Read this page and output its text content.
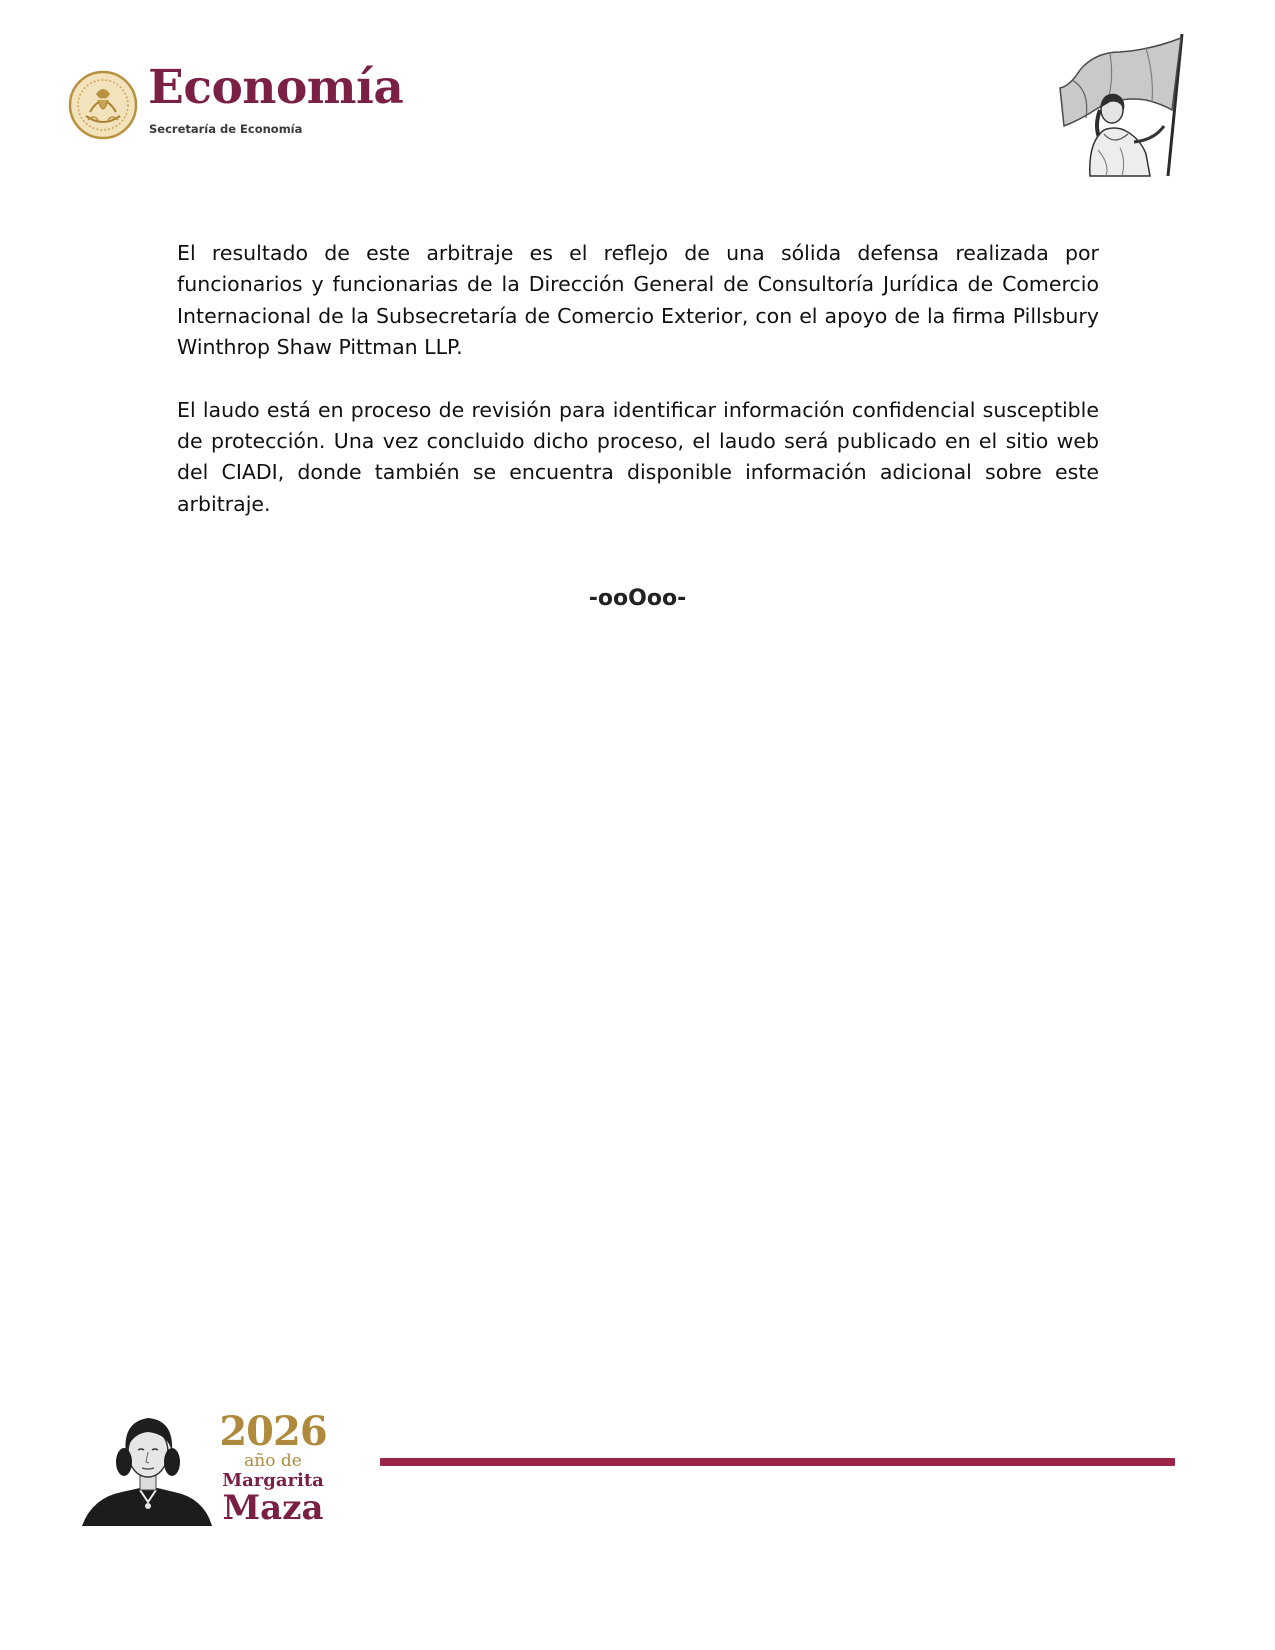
Economía
Secretaría de Economía

El resultado de este arbitraje es el reflejo de una sólida defensa realizada por funcionarios y funcionarias de la Dirección General de Consultoría Jurídica de Comercio Internacional de la Subsecretaría de Comercio Exterior, con el apoyo de la firma Pillsbury Winthrop Shaw Pittman LLP.

El laudo está en proceso de revisión para identificar información confidencial susceptible de protección. Una vez concluido dicho proceso, el laudo será publicado en el sitio web del CIADI, donde también se encuentra disponible información adicional sobre este arbitraje.

-ooOoo-
2026
año de
Margarita
Maza
